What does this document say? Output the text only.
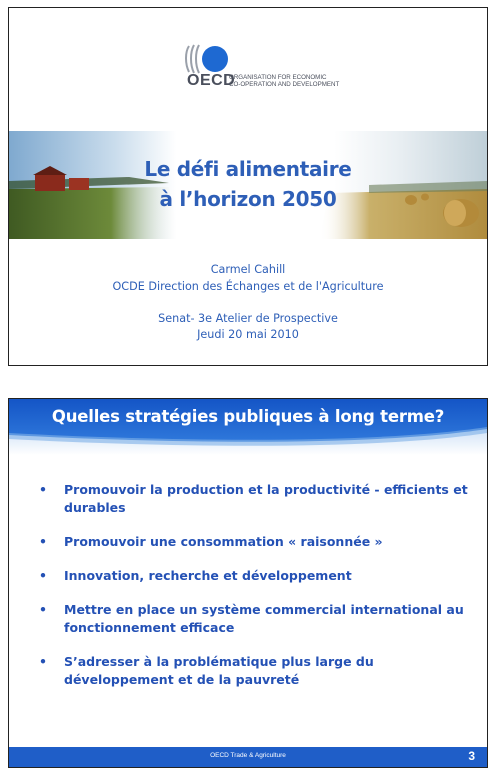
OECD
ORGANISATION FOR ECONOMIC
CO-OPERATION AND DEVELOPMENT
Le défi alimentaire
à l’horizon 2050
Carmel Cahill
OCDE Direction des Échanges et de l'Agriculture
Senat- 3e Atelier de Prospective
Jeudi 20 mai 2010
Quelles stratégies publiques à long terme?
• Promouvoir la production et la productivité - efficients et
durables
• Promouvoir une consommation « raisonnée »
• Innovation, recherche et développement
• Mettre en place un système commercial international au
fonctionnement efficace
• S’adresser à la problématique plus large du
développement et de la pauvreté
OECD Trade & Agriculture	3
